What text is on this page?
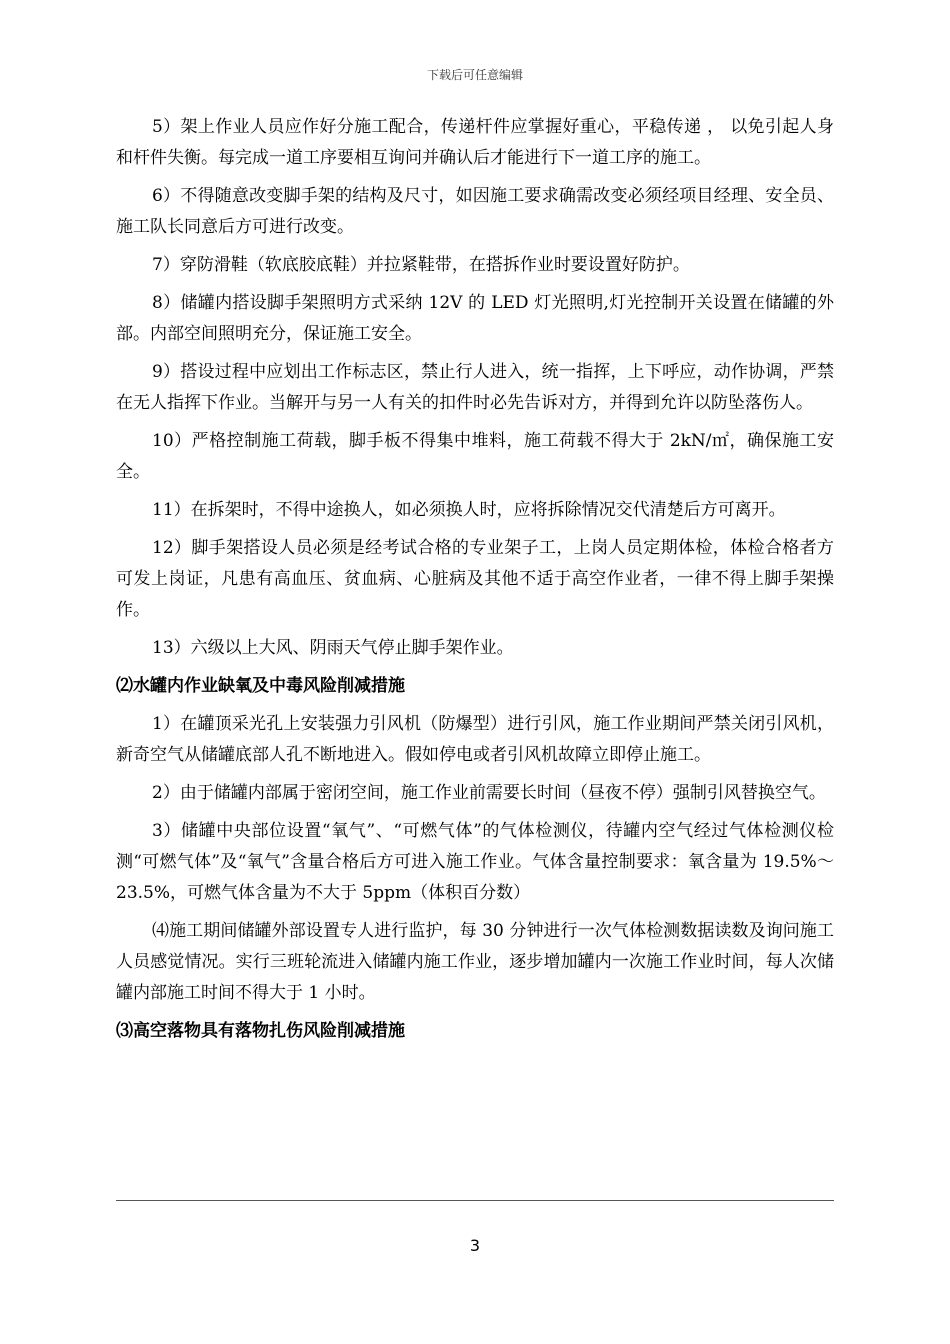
下载后可任意编辑

5）架上作业人员应作好分施工配合，传递杆件应掌握好重心，平稳传递 ， 以免引起人身和杆件失衡。每完成一道工序要相互询问并确认后才能进行下一道工序的施工。

6）不得随意改变脚手架的结构及尺寸，如因施工要求确需改变必须经项目经理、安全员、施工队长同意后方可进行改变。

7）穿防滑鞋（软底胶底鞋）并拉紧鞋带，在搭拆作业时要设置好防护。

8）储罐内搭设脚手架照明方式采纳 12V 的 LED 灯光照明,灯光控制开关设置在储罐的外部。内部空间照明充分，保证施工安全。

9）搭设过程中应划出工作标志区，禁止行人进入，统一指挥，上下呼应，动作协调，严禁在无人指挥下作业。当解开与另一人有关的扣件时必先告诉对方，并得到允许以防坠落伤人。

10）严格控制施工荷载，脚手板不得集中堆料，施工荷载不得大于 2kN/㎡，确保施工安全。

11）在拆架时，不得中途换人，如必须换人时，应将拆除情况交代清楚后方可离开。

12）脚手架搭设人员必须是经考试合格的专业架子工，上岗人员定期体检，体检合格者方可发上岗证，凡患有高血压、贫血病、心脏病及其他不适于高空作业者，一律不得上脚手架操作。

13）六级以上大风、阴雨天气停止脚手架作业。

⑵水罐内作业缺氧及中毒风险削减措施

1）在罐顶采光孔上安装强力引风机（防爆型）进行引风，施工作业期间严禁关闭引风机，新奇空气从储罐底部人孔不断地进入。假如停电或者引风机故障立即停止施工。

2）由于储罐内部属于密闭空间，施工作业前需要长时间（昼夜不停）强制引风替换空气。

3）储罐中央部位设置“氧气”、“可燃气体”的气体检测仪，待罐内空气经过气体检测仪检测“可燃气体”及“氧气”含量合格后方可进入施工作业。气体含量控制要求：氧含量为 19.5%～23.5%，可燃气体含量为不大于 5ppm（体积百分数）

⑷施工期间储罐外部设置专人进行监护，每 30 分钟进行一次气体检测数据读数及询问施工人员感觉情况。实行三班轮流进入储罐内施工作业，逐步增加罐内一次施工作业时间，每人次储罐内部施工时间不得大于 1 小时。

⑶高空落物具有落物扎伤风险削减措施
3
